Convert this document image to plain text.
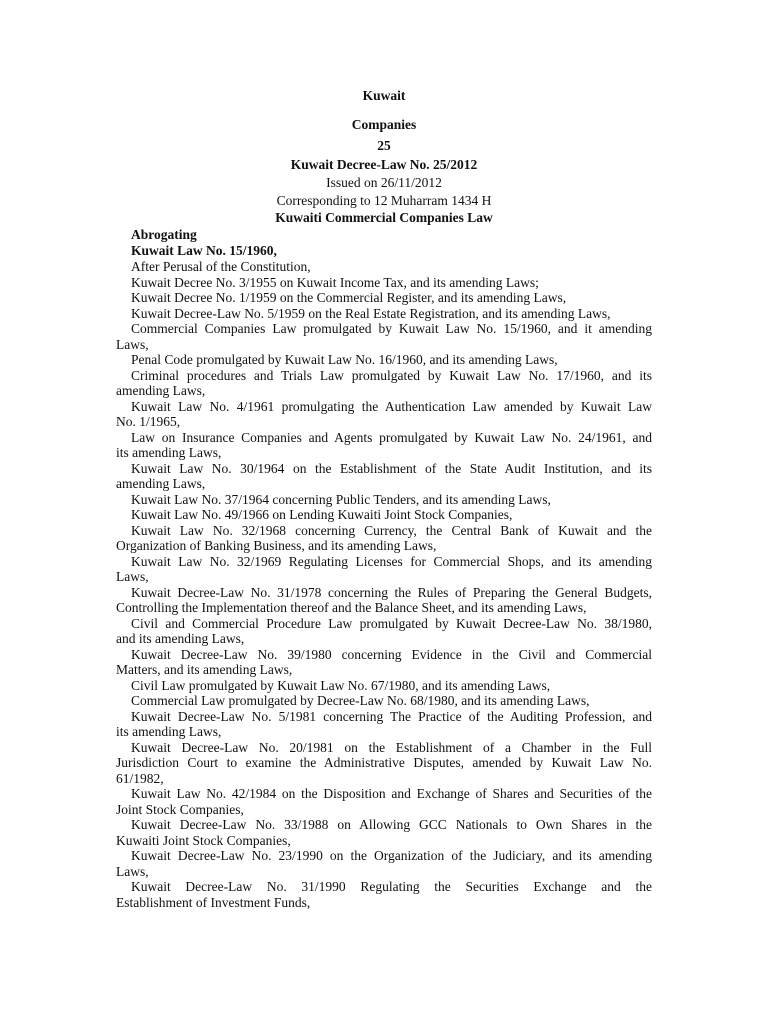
Kuwait
Companies
25
Kuwait Decree-Law No. 25/2012
Issued on 26/11/2012
Corresponding to 12 Muharram 1434 H
Kuwaiti Commercial Companies Law
Abrogating
Kuwait Law No. 15/1960,
After Perusal of the Constitution,
Kuwait Decree No. 3/1955 on Kuwait Income Tax, and its amending Laws;
Kuwait Decree No. 1/1959 on the Commercial Register, and its amending Laws,
Kuwait Decree-Law No. 5/1959 on the Real Estate Registration, and its amending Laws,
Commercial Companies Law promulgated by Kuwait Law No. 15/1960, and it amending
Laws,
Penal Code promulgated by Kuwait Law No. 16/1960, and its amending Laws,
Criminal procedures and Trials Law promulgated by Kuwait Law No. 17/1960, and its
amending Laws,
Kuwait Law No. 4/1961 promulgating the Authentication Law amended by Kuwait Law
No. 1/1965,
Law on Insurance Companies and Agents promulgated by Kuwait Law No. 24/1961, and
its amending Laws,
Kuwait Law No. 30/1964 on the Establishment of the State Audit Institution, and its
amending Laws,
Kuwait Law No. 37/1964 concerning Public Tenders, and its amending Laws,
Kuwait Law No. 49/1966 on Lending Kuwaiti Joint Stock Companies,
Kuwait Law No. 32/1968 concerning Currency, the Central Bank of Kuwait and the
Organization of Banking Business, and its amending Laws,
Kuwait Law No. 32/1969 Regulating Licenses for Commercial Shops, and its amending
Laws,
Kuwait Decree-Law No. 31/1978 concerning the Rules of Preparing the General Budgets,
Controlling the Implementation thereof and the Balance Sheet, and its amending Laws,
Civil and Commercial Procedure Law promulgated by Kuwait Decree-Law No. 38/1980,
and its amending Laws,
Kuwait Decree-Law No. 39/1980 concerning Evidence in the Civil and Commercial
Matters, and its amending Laws,
Civil Law promulgated by Kuwait Law No. 67/1980, and its amending Laws,
Commercial Law promulgated by Decree-Law No. 68/1980, and its amending Laws,
Kuwait Decree-Law No. 5/1981 concerning The Practice of the Auditing Profession, and
its amending Laws,
Kuwait Decree-Law No. 20/1981 on the Establishment of a Chamber in the Full
Jurisdiction Court to examine the Administrative Disputes, amended by Kuwait Law No.
61/1982,
Kuwait Law No. 42/1984 on the Disposition and Exchange of Shares and Securities of the
Joint Stock Companies,
Kuwait Decree-Law No. 33/1988 on Allowing GCC Nationals to Own Shares in the
Kuwaiti Joint Stock Companies,
Kuwait Decree-Law No. 23/1990 on the Organization of the Judiciary, and its amending
Laws,
Kuwait Decree-Law No. 31/1990 Regulating the Securities Exchange and the
Establishment of Investment Funds,
